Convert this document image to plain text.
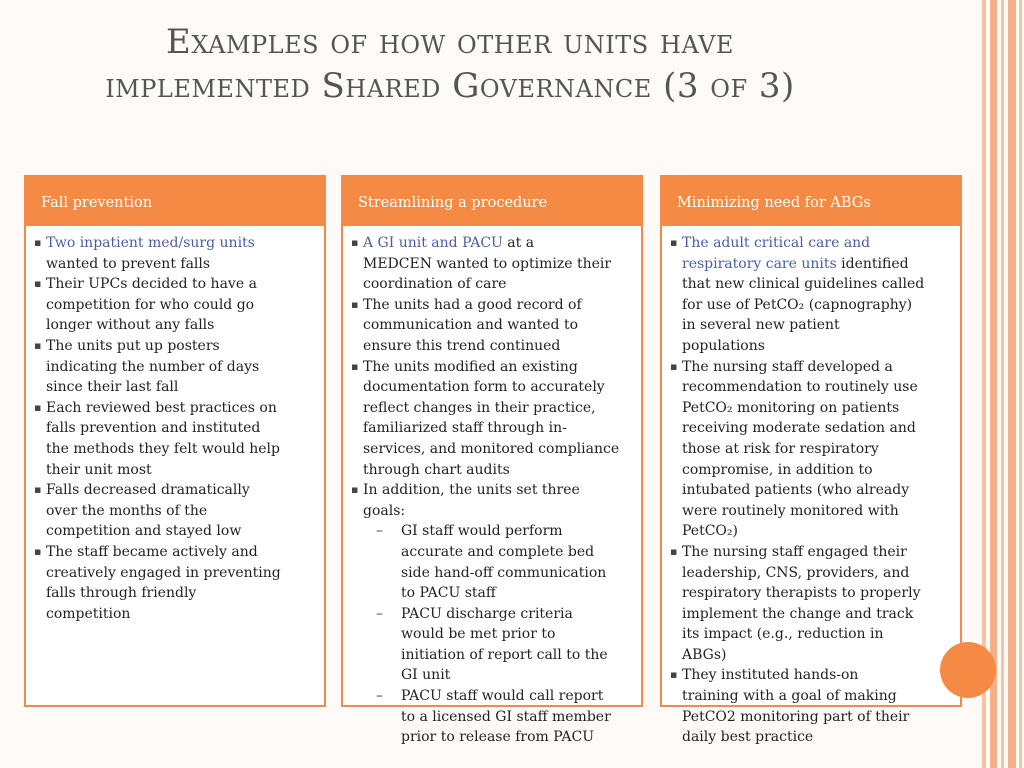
Examples of how other units have
implemented Shared Governance (3 of 3)
Fall prevention
▪ Two inpatient med/surg units
wanted to prevent falls
▪ Their UPCs decided to have a
competition for who could go
longer without any falls
▪ The units put up posters
indicating the number of days
since their last fall
▪ Each reviewed best practices on
falls prevention and instituted
the methods they felt would help
their unit most
▪ Falls decreased dramatically
over the months of the
competition and stayed low
▪ The staff became actively and
creatively engaged in preventing
falls through friendly
competition
Streamlining a procedure
▪ A GI unit and PACU at a
MEDCEN wanted to optimize their
coordination of care
▪ The units had a good record of
communication and wanted to
ensure this trend continued
▪ The units modified an existing
documentation form to accurately
reflect changes in their practice,
familiarized staff through in-
services, and monitored compliance
through chart audits
▪ In addition, the units set three
goals:
– GI staff would perform
accurate and complete bed
side hand-off communication
to PACU staff
– PACU discharge criteria
would be met prior to
initiation of report call to the
GI unit
– PACU staff would call report
to a licensed GI staff member
prior to release from PACU
Minimizing need for ABGs
▪ The adult critical care and
respiratory care units identified
that new clinical guidelines called
for use of PetCO₂ (capnography)
in several new patient
populations
▪ The nursing staff developed a
recommendation to routinely use
PetCO₂ monitoring on patients
receiving moderate sedation and
those at risk for respiratory
compromise, in addition to
intubated patients (who already
were routinely monitored with
PetCO₂)
▪ The nursing staff engaged their
leadership, CNS, providers, and
respiratory therapists to properly
implement the change and track
its impact (e.g., reduction in
ABGs)
▪ They instituted hands-on
training with a goal of making
PetCO2 monitoring part of their
daily best practice
